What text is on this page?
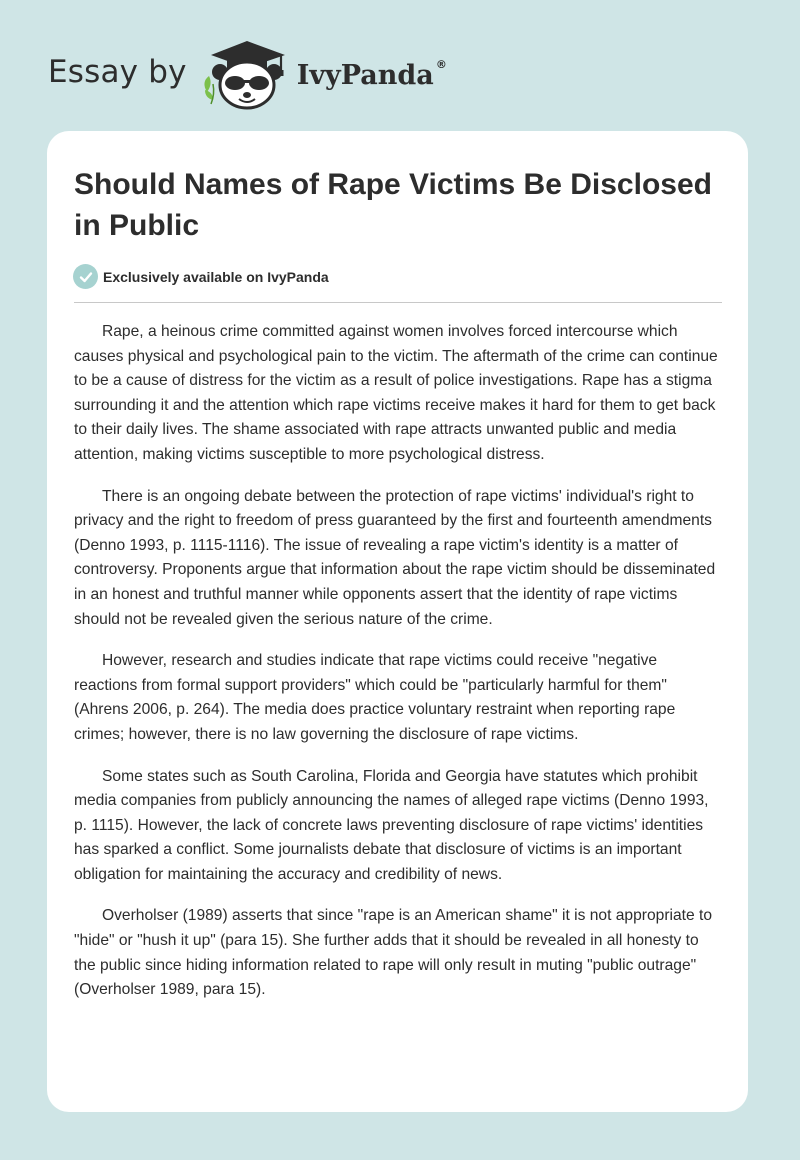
Essay by	IvyPanda ®
Should Names of Rape Victims Be Disclosed in Public
Exclusively available on IvyPanda

Rape, a heinous crime committed against women involves forced intercourse which causes physical and psychological pain to the victim. The aftermath of the crime can continue to be a cause of distress for the victim as a result of police investigations. Rape has a stigma surrounding it and the attention which rape victims receive makes it hard for them to get back to their daily lives. The shame associated with rape attracts unwanted public and media attention, making victims susceptible to more psychological distress.

There is an ongoing debate between the protection of rape victims' individual's right to privacy and the right to freedom of press guaranteed by the first and fourteenth amendments (Denno 1993, p. 1115-1116). The issue of revealing a rape victim's identity is a matter of controversy. Proponents argue that information about the rape victim should be disseminated in an honest and truthful manner while opponents assert that the identity of rape victims should not be revealed given the serious nature of the crime.

However, research and studies indicate that rape victims could receive "negative reactions from formal support providers" which could be "particularly harmful for them" (Ahrens 2006, p. 264). The media does practice voluntary restraint when reporting rape crimes; however, there is no law governing the disclosure of rape victims.

Some states such as South Carolina, Florida and Georgia have statutes which prohibit media companies from publicly announcing the names of alleged rape victims (Denno 1993, p. 1115). However, the lack of concrete laws preventing disclosure of rape victims' identities has sparked a conflict. Some journalists debate that disclosure of victims is an important obligation for maintaining the accuracy and credibility of news.

Overholser (1989) asserts that since "rape is an American shame" it is not appropriate to "hide" or "hush it up" (para 15). She further adds that it should be revealed in all honesty to the public since hiding information related to rape will only result in muting "public outrage"(Overholser 1989, para 15).
